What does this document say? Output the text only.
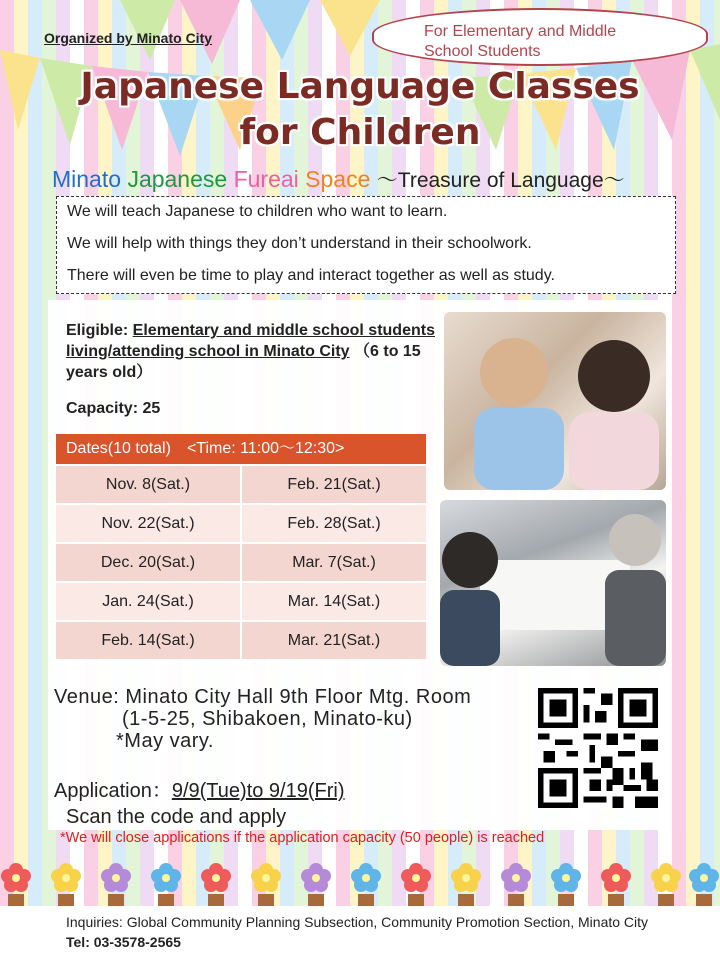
Organized by Minato City	For Elementary and Middle
School Students
Japanese Language Classes
for Children
Minato Japanese Fureai Space 〜Treasure of Language〜

We will teach Japanese to children who want to learn.

We will help with things they don’t understand in their schoolwork.

There will even be time to play and interact together as well as study.

Eligible: Elementary and middle school students living/attending school in Minato City （6 to 15 years old）
Capacity: 25
Dates(10 total)　<Time: 11:00〜12:30>
Nov. 8(Sat.)	Feb. 21(Sat.)
Nov. 22(Sat.)	Feb. 28(Sat.)
Dec. 20(Sat.)	Mar. 7(Sat.)
Jan. 24(Sat.)	Mar. 14(Sat.)
Feb. 14(Sat.)	Mar. 21(Sat.)
Venue: Minato City Hall 9th Floor Mtg. Room
(1-5-25, Shibakoen, Minato-ku)
*May vary.
Application：9/9(Tue)to 9/19(Fri)
Scan the code and apply
*We will close applications if the application capacity (50 people) is reached
Inquiries: Global Community Planning Subsection, Community Promotion Section, Minato City Tel: 03-3578-2565
